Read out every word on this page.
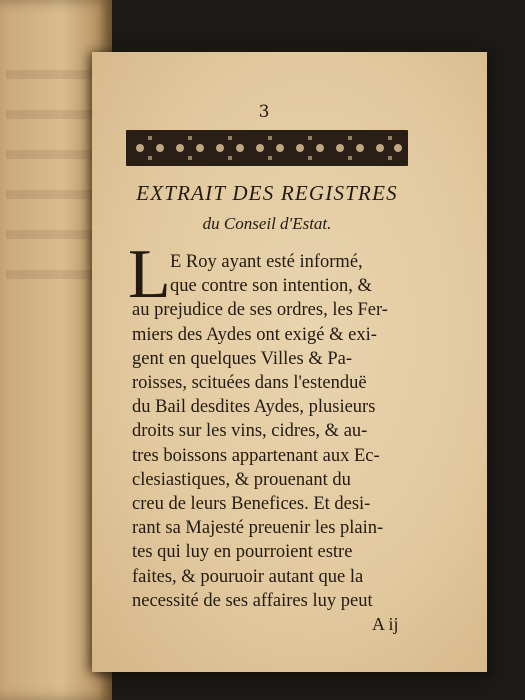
3
EXTRAIT DES REGISTRES
du Conseil d'Estat.
L E Roy ayant esté informé,
que contre son intention, &
au prejudice de ses ordres, les Fer-
miers des Aydes ont exigé & exi-
gent en quelques Villes & Pa-
roisses, scituées dans l'estenduë
du Bail desdites Aydes, plusieurs
droits sur les vins, cidres, & au-
tres boissons appartenant aux Ec-
clesiastiques, & prouenant du
creu de leurs Benefices. Et desi-
rant sa Majesté preuenir les plain-
tes qui luy en pourroient estre
faites, & pouruoir autant que la
A ij
necessité de ses affaires luy peut
